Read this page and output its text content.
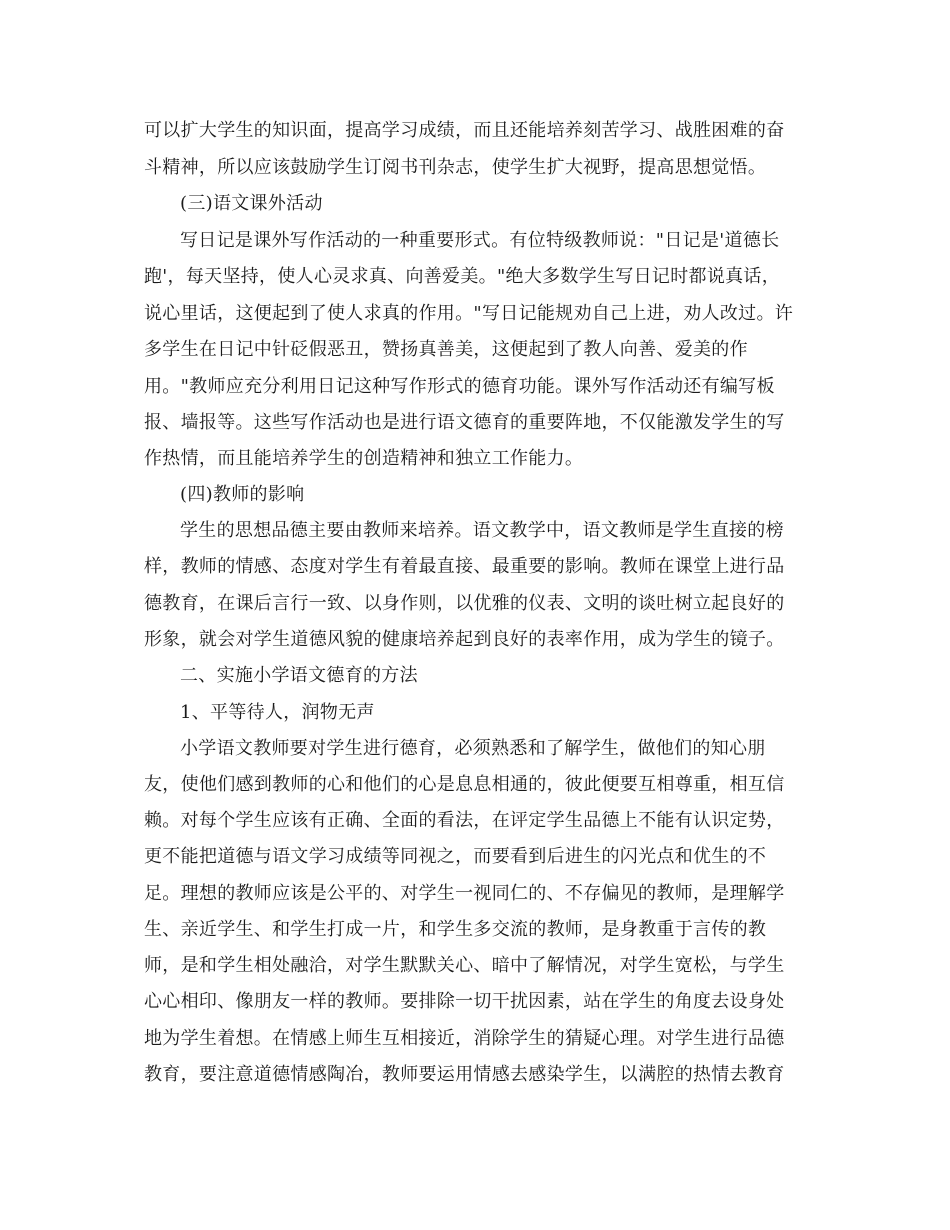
可以扩大学生的知识面，提高学习成绩，而且还能培养刻苦学习、战胜困难的奋
斗精神，所以应该鼓励学生订阅书刊杂志，使学生扩大视野，提高思想觉悟。
(三)语文课外活动
写日记是课外写作活动的一种重要形式。有位特级教师说："日记是'道德长
跑'，每天坚持，使人心灵求真、向善爱美。"绝大多数学生写日记时都说真话，
说心里话，这便起到了使人求真的作用。"写日记能规劝自己上进，劝人改过。许
多学生在日记中针砭假恶丑，赞扬真善美，这便起到了教人向善、爱美的作
用。"教师应充分利用日记这种写作形式的德育功能。课外写作活动还有编写板
报、墙报等。这些写作活动也是进行语文德育的重要阵地，不仅能激发学生的写
作热情，而且能培养学生的创造精神和独立工作能力。
(四)教师的影响
学生的思想品德主要由教师来培养。语文教学中，语文教师是学生直接的榜
样，教师的情感、态度对学生有着最直接、最重要的影响。教师在课堂上进行品
德教育，在课后言行一致、以身作则，以优雅的仪表、文明的谈吐树立起良好的
形象，就会对学生道德风貌的健康培养起到良好的表率作用，成为学生的镜子。
二、实施小学语文德育的方法
1、平等待人，润物无声
小学语文教师要对学生进行德育，必须熟悉和了解学生，做他们的知心朋
友，使他们感到教师的心和他们的心是息息相通的，彼此便要互相尊重，相互信
赖。对每个学生应该有正确、全面的看法，在评定学生品德上不能有认识定势，
更不能把道德与语文学习成绩等同视之，而要看到后进生的闪光点和优生的不
足。理想的教师应该是公平的、对学生一视同仁的、不存偏见的教师，是理解学
生、亲近学生、和学生打成一片，和学生多交流的教师，是身教重于言传的教
师，是和学生相处融洽，对学生默默关心、暗中了解情况，对学生宽松，与学生
心心相印、像朋友一样的教师。要排除一切干扰因素，站在学生的角度去设身处
地为学生着想。在情感上师生互相接近，消除学生的猜疑心理。对学生进行品德
教育，要注意道德情感陶冶，教师要运用情感去感染学生，以满腔的热情去教育
